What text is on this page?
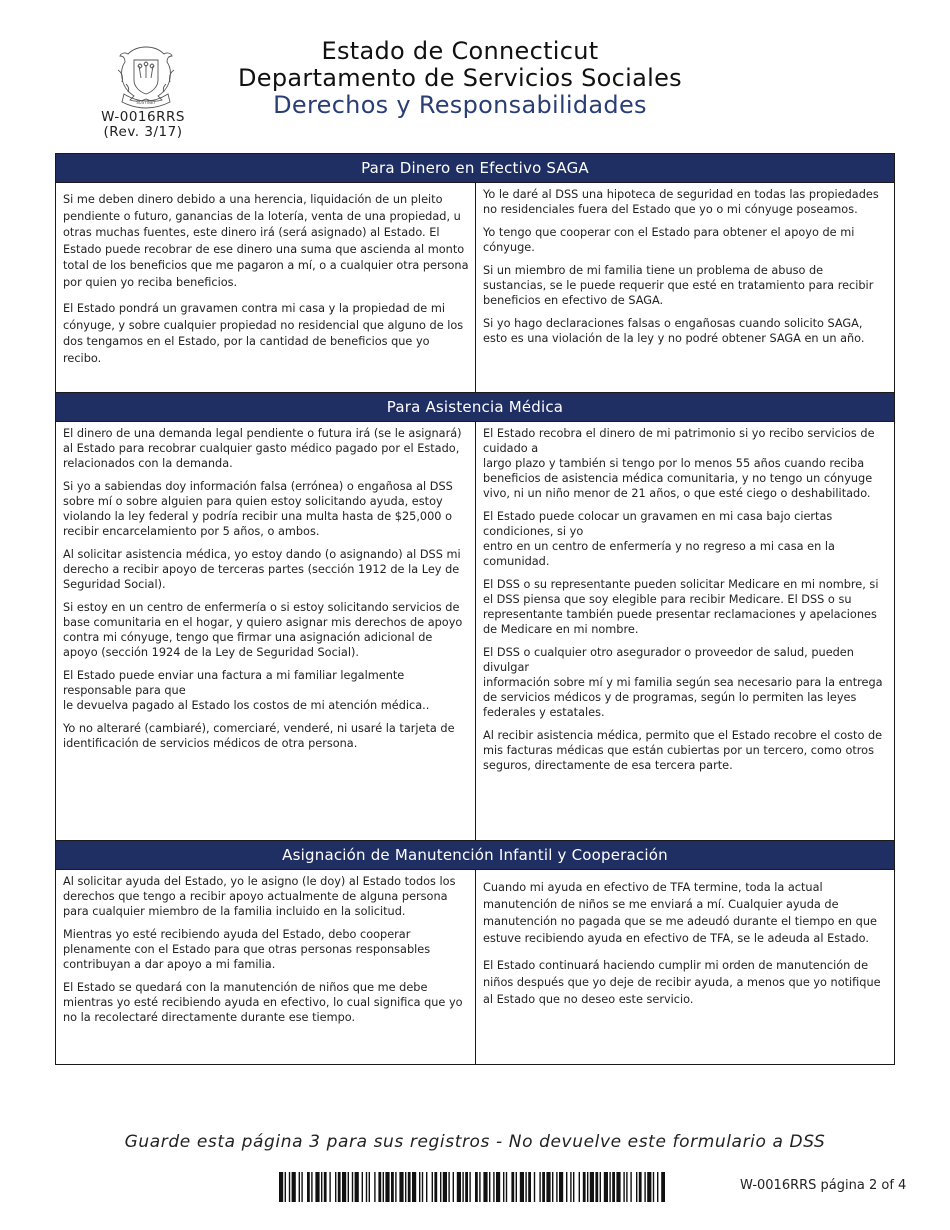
SUSTINET
W-0016RRS
(Rev. 3/17)
Estado de Connecticut
Departamento de Servicios Sociales
Derechos y Responsabilidades
Para Dinero en Efectivo SAGA

Si me deben dinero debido a una herencia, liquidación de un pleito pendiente o futuro, ganancias de la lotería, venta de una propiedad, u otras muchas fuentes, este dinero irá (será asignado) al Estado. El Estado puede recobrar de ese dinero una suma que ascienda al monto total de los beneficios que me pagaron a mí, o a cualquier otra persona por quien yo reciba beneficios.

El Estado pondrá un gravamen contra mi casa y la propiedad de mi cónyuge, y sobre cualquier propiedad no residencial que alguno de los dos tengamos en el Estado, por la cantidad de beneficios que yo recibo.

Yo le daré al DSS una hipoteca de seguridad en todas las propiedades no residenciales fuera del Estado que yo o mi cónyuge poseamos.

Yo tengo que cooperar con el Estado para obtener el apoyo de mi cónyuge.

Si un miembro de mi familia tiene un problema de abuso de sustancias, se le puede requerir que esté en tratamiento para recibir beneficios en efectivo de SAGA.

Si yo hago declaraciones falsas o engañosas cuando solicito SAGA, esto es una violación de la ley y no podré obtener SAGA en un año.

Para Asistencia Médica

El dinero de una demanda legal pendiente o futura irá (se le asignará) al Estado para recobrar cualquier gasto médico pagado por el Estado, relacionados con la demanda.

Si yo a sabiendas doy información falsa (errónea) o engañosa al DSS sobre mí o sobre alguien para quien estoy solicitando ayuda, estoy violando la ley federal y podría recibir una multa hasta de $25,000 o recibir encarcelamiento por 5 años, o ambos.

Al solicitar asistencia médica, yo estoy dando (o asignando) al DSS mi derecho a recibir apoyo de terceras partes (sección 1912 de la Ley de Seguridad Social).

Si estoy en un centro de enfermería o si estoy solicitando servicios de base comunitaria en el hogar, y quiero asignar mis derechos de apoyo contra mi cónyuge, tengo que firmar una asignación adicional de apoyo (sección 1924 de la Ley de Seguridad Social).

El Estado puede enviar una factura a mi familiar legalmente responsable para que
le devuelva pagado al Estado los costos de mi atención médica..

Yo no alteraré (cambiaré), comerciaré, venderé, ni usaré la tarjeta de identificación de servicios médicos de otra persona.

El Estado recobra el dinero de mi patrimonio si yo recibo servicios de cuidado a
largo plazo y también si tengo por lo menos 55 años cuando reciba beneficios de asistencia médica comunitaria, y no tengo un cónyuge vivo, ni un niño menor de 21 años, o que esté ciego o deshabilitado.

El Estado puede colocar un gravamen en mi casa bajo ciertas condiciones, si yo
entro en un centro de enfermería y no regreso a mi casa en la comunidad.

El DSS o su representante pueden solicitar Medicare en mi nombre, si el DSS piensa que soy elegible para recibir Medicare. El DSS o su representante también puede presentar reclamaciones y apelaciones de Medicare en mi nombre.

El DSS o cualquier otro asegurador o proveedor de salud, pueden divulgar
información sobre mí y mi familia según sea necesario para la entrega de servicios médicos y de programas, según lo permiten las leyes federales y estatales.

Al recibir asistencia médica, permito que el Estado recobre el costo de mis facturas médicas que están cubiertas por un tercero, como otros seguros, directamente de esa tercera parte.

Asignación de Manutención Infantil y Cooperación

Al solicitar ayuda del Estado, yo le asigno (le doy) al Estado todos los derechos que tengo a recibir apoyo actualmente de alguna persona para cualquier miembro de la familia incluido en la solicitud.

Mientras yo esté recibiendo ayuda del Estado, debo cooperar plenamente con el Estado para que otras personas responsables contribuyan a dar apoyo a mi familia.

El Estado se quedará con la manutención de niños que me debe mientras yo esté recibiendo ayuda en efectivo, lo cual significa que yo no la recolectaré directamente durante ese tiempo.

Cuando mi ayuda en efectivo de TFA termine, toda la actual manutención de niños se me enviará a mí. Cualquier ayuda de manutención no pagada que se me adeudó durante el tiempo en que estuve recibiendo ayuda en efectivo de TFA, se le adeuda al Estado.

El Estado continuará haciendo cumplir mi orden de manutención de niños después que yo deje de recibir ayuda, a menos que yo notifique al Estado que no deseo este servicio.

Guarde esta página 3 para sus registros - No devuelve este formulario a DSS
W-0016RRS página 2 of 4
